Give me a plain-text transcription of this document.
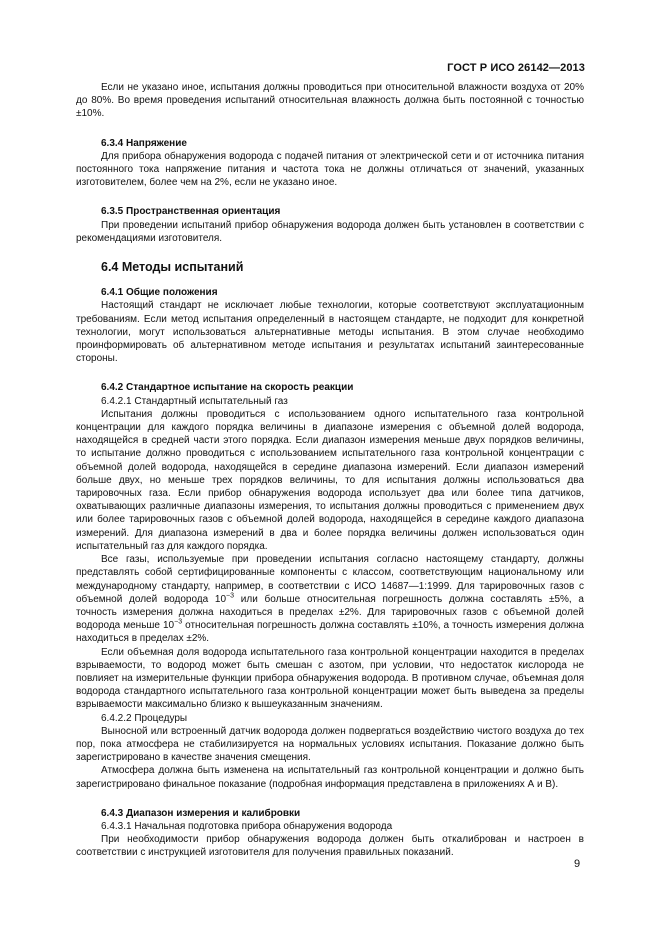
ГОСТ Р ИСО 26142—2013

Если не указано иное, испытания должны проводиться при относительной влажности воздуха от 20% до 80%. Во время проведения испытаний относительная влажность должна быть постоянной с точностью ±10%.

6.3.4 Напряжение

Для прибора обнаружения водорода с подачей питания от электрической сети и от источника питания постоянного тока напряжение питания и частота тока не должны отличаться от значений, указанных изготовителем, более чем на 2%, если не указано иное.

6.3.5 Пространственная ориентация

При проведении испытаний прибор обнаружения водорода должен быть установлен в соответствии с рекомендациями изготовителя.

6.4 Методы испытаний

6.4.1 Общие положения

Настоящий стандарт не исключает любые технологии, которые соответствуют эксплуатационным требованиям. Если метод испытания определенный в настоящем стандарте, не подходит для конкретной технологии, могут использоваться альтернативные методы испытания. В этом случае необходимо проинформировать об альтернативном методе испытания и результатах испытаний заинтересованные стороны.

6.4.2 Стандартное испытание на скорость реакции

6.4.2.1 Стандартный испытательный газ

Испытания должны проводиться с использованием одного испытательного газа контрольной концентрации для каждого порядка величины в диапазоне измерения с объемной долей водорода, находящейся в средней части этого порядка. Если диапазон измерения меньше двух порядков величины, то испытание должно проводиться с использованием испытательного газа контрольной концентрации с объемной долей водорода, находящейся в середине диапазона измерений. Если диапазон измерений больше двух, но меньше трех порядков величины, то для испытания должны использоваться два тарировочных газа. Если прибор обнаружения водорода использует два или более типа датчиков, охватывающих различные диапазоны измерения, то испытания должны проводиться с применением двух или более тарировочных газов с объемной долей водорода, находящейся в середине каждого диапазона измерений. Для диапазона измерений в два и более порядка величины должен использоваться один испытательный газ для каждого порядка.

Все газы, используемые при проведении испытания согласно настоящему стандарту, должны представлять собой сертифицированные компоненты с классом, соответствующим национальному или международному стандарту, например, в соответствии с ИСО 14687—1:1999. Для тарировочных газов с объемной долей водорода $10^{-3}$ или больше относительная погрешность должна составлять ±5%, а точность измерения должна находиться в пределах ±2%. Для тарировочных газов с объемной долей водорода меньше $10^{-3}$ относительная погрешность должна составлять ±10%, а точность измерения должна находиться в пределах ±2%.

Если объемная доля водорода испытательного газа контрольной концентрации находится в пределах взрываемости, то водород может быть смешан с азотом, при условии, что недостаток кислорода не повлияет на измерительные функции прибора обнаружения водорода. В противном случае, объемная доля водорода стандартного испытательного газа контрольной концентрации может быть выведена за пределы взрываемости максимально близко к вышеуказанным значениям.

6.4.2.2 Процедуры

Выносной или встроенный датчик водорода должен подвергаться воздействию чистого воздуха до тех пор, пока атмосфера не стабилизируется на нормальных условиях испытания. Показание должно быть зарегистрировано в качестве значения смещения.

Атмосфера должна быть изменена на испытательный газ контрольной концентрации и должно быть зарегистрировано финальное показание (подробная информация представлена в приложениях А и В).

6.4.3 Диапазон измерения и калибровки

6.4.3.1 Начальная подготовка прибора обнаружения водорода

При необходимости прибор обнаружения водорода должен быть откалиброван и настроен в соответствии с инструкцией изготовителя для получения правильных показаний.

9
